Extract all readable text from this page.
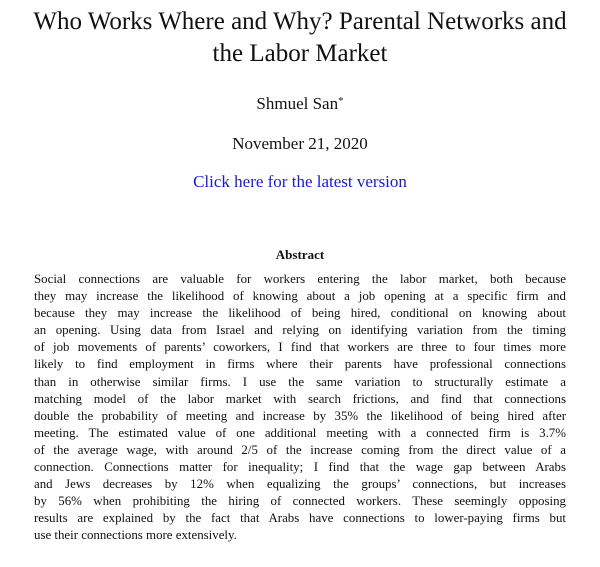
Who Works Where and Why? Parental Networks and
the Labor Market
Shmuel San*
November 21, 2020
Click here for the latest version
Abstract
Social connections are valuable for workers entering the labor market, both because
they may increase the likelihood of knowing about a job opening at a specific firm and
because they may increase the likelihood of being hired, conditional on knowing about
an opening. Using data from Israel and relying on identifying variation from the timing
of job movements of parents’ coworkers, I find that workers are three to four times more
likely to find employment in firms where their parents have professional connections
than in otherwise similar firms. I use the same variation to structurally estimate a
matching model of the labor market with search frictions, and find that connections
double the probability of meeting and increase by 35% the likelihood of being hired after
meeting. The estimated value of one additional meeting with a connected firm is 3.7%
of the average wage, with around 2/5 of the increase coming from the direct value of a
connection. Connections matter for inequality; I find that the wage gap between Arabs
and Jews decreases by 12% when equalizing the groups’ connections, but increases
by 56% when prohibiting the hiring of connected workers. These seemingly opposing
results are explained by the fact that Arabs have connections to lower-paying firms but
use their connections more extensively.
